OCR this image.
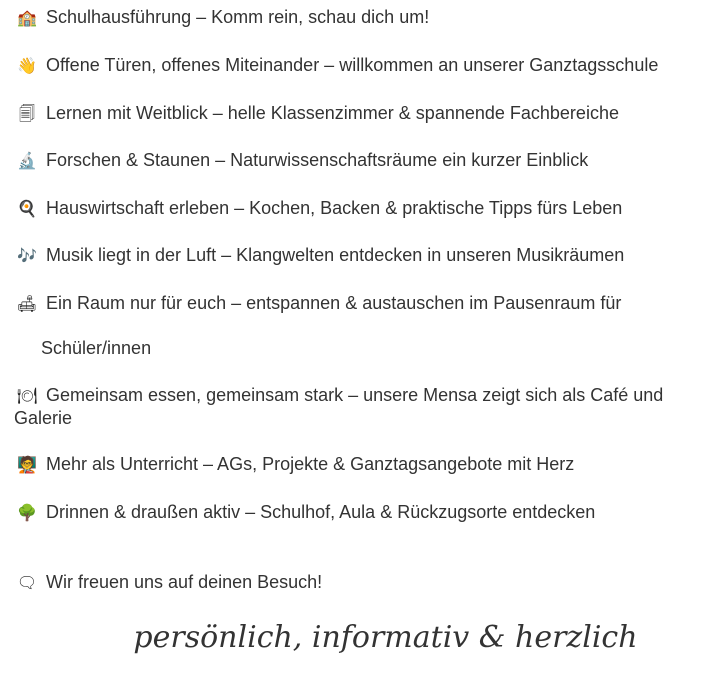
🏫 Schulhausführung – Komm rein, schau dich um!
👋 Offene Türen, offenes Miteinander – willkommen an unserer Ganztagsschule
🗐 Lernen mit Weitblick – helle Klassenzimmer & spannende Fachbereiche
🔬 Forschen & Staunen – Naturwissenschaftsräume ein kurzer Einblick
🍳 Hauswirtschaft erleben – Kochen, Backen & praktische Tipps fürs Leben
🎶 Musik liegt in der Luft – Klangwelten entdecken in unseren Musikräumen
🛋 Ein Raum nur für euch – entspannen & austauschen im Pausenraum für
Schüler/innen
🍽 Gemeinsam essen, gemeinsam stark – unsere Mensa zeigt sich als Café und Galerie
🧑‍🏫 Mehr als Unterricht – AGs, Projekte & Ganztagsangebote mit Herz
🌳 Drinnen & draußen aktiv – Schulhof, Aula & Rückzugsorte entdecken
🗨 Wir freuen uns auf deinen Besuch!
persönlich, informativ & herzlich
